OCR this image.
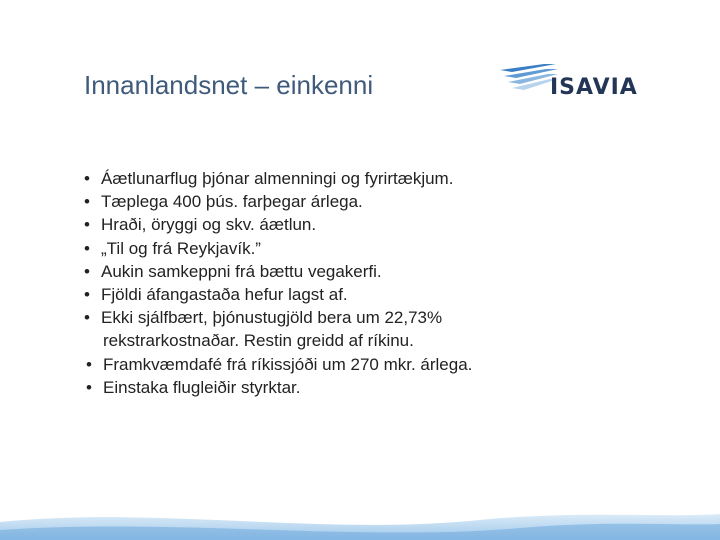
Innanlandsnet – einkenni	ISAVIA
• Áætlunarflug þjónar almenningi og fyrirtækjum.
• Tæplega 400 þús. farþegar árlega.
• Hraði, öryggi og skv. áætlun.
• „Til og frá Reykjavík.”
• Aukin samkeppni frá bættu vegakerfi.
• Fjöldi áfangastaða hefur lagst af.
• Ekki sjálfbært, þjónustugjöld bera um 22,73%
rekstrarkostnaðar. Restin greidd af ríkinu.
• Framkvæmdafé frá ríkissjóði um 270 mkr. árlega.
• Einstaka flugleiðir styrktar.
